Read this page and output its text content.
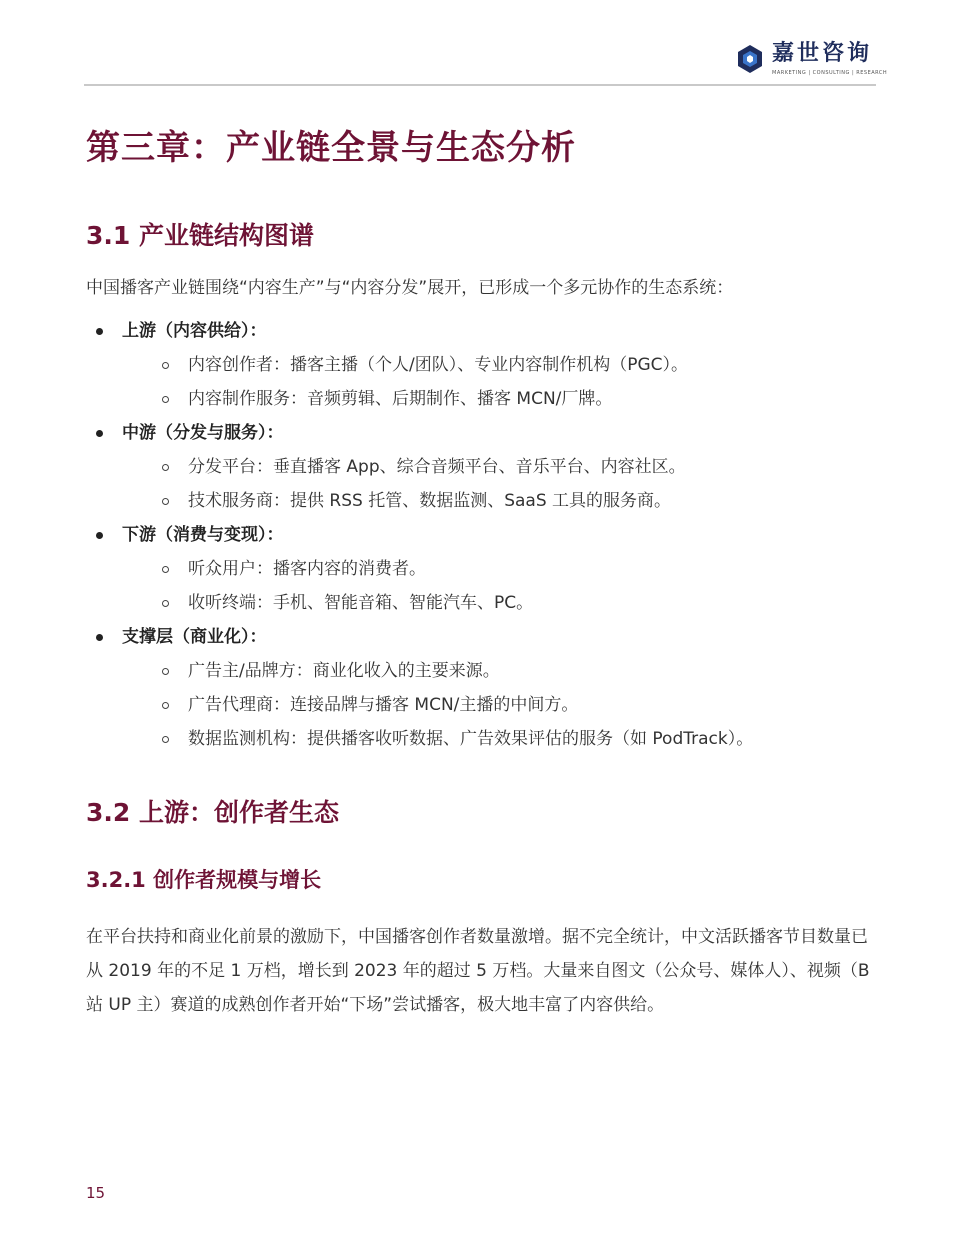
嘉世咨询
MARKETING | CONSULTING | RESEARCH
第三章：产业链全景与生态分析
3.1 产业链结构图谱

中国播客产业链围绕“内容生产”与“内容分发”展开，已形成一个多元协作的生态系统：

上游（内容供给）：
内容创作者：播客主播（个人/团队）、专业内容制作机构（PGC）。
内容制作服务：音频剪辑、后期制作、播客 MCN/厂牌。
中游（分发与服务）：
分发平台：垂直播客 App、综合音频平台、音乐平台、内容社区。
技术服务商：提供 RSS 托管、数据监测、SaaS 工具的服务商。
下游（消费与变现）：
听众用户：播客内容的消费者。
收听终端：手机、智能音箱、智能汽车、PC。
支撑层（商业化）：
广告主/品牌方：商业化收入的主要来源。
广告代理商：连接品牌与播客 MCN/主播的中间方。
数据监测机构：提供播客收听数据、广告效果评估的服务（如 PodTrack）。
3.2 上游：创作者生态
3.2.1 创作者规模与增长

在平台扶持和商业化前景的激励下，中国播客创作者数量激增。据不完全统计，中文活跃播客节目数量已从 2019 年的不足 1 万档，增长到 2023 年的超过 5 万档。大量来自图文（公众号、媒体人）、视频（B 站 UP 主）赛道的成熟创作者开始“下场”尝试播客，极大地丰富了内容供给。

15
